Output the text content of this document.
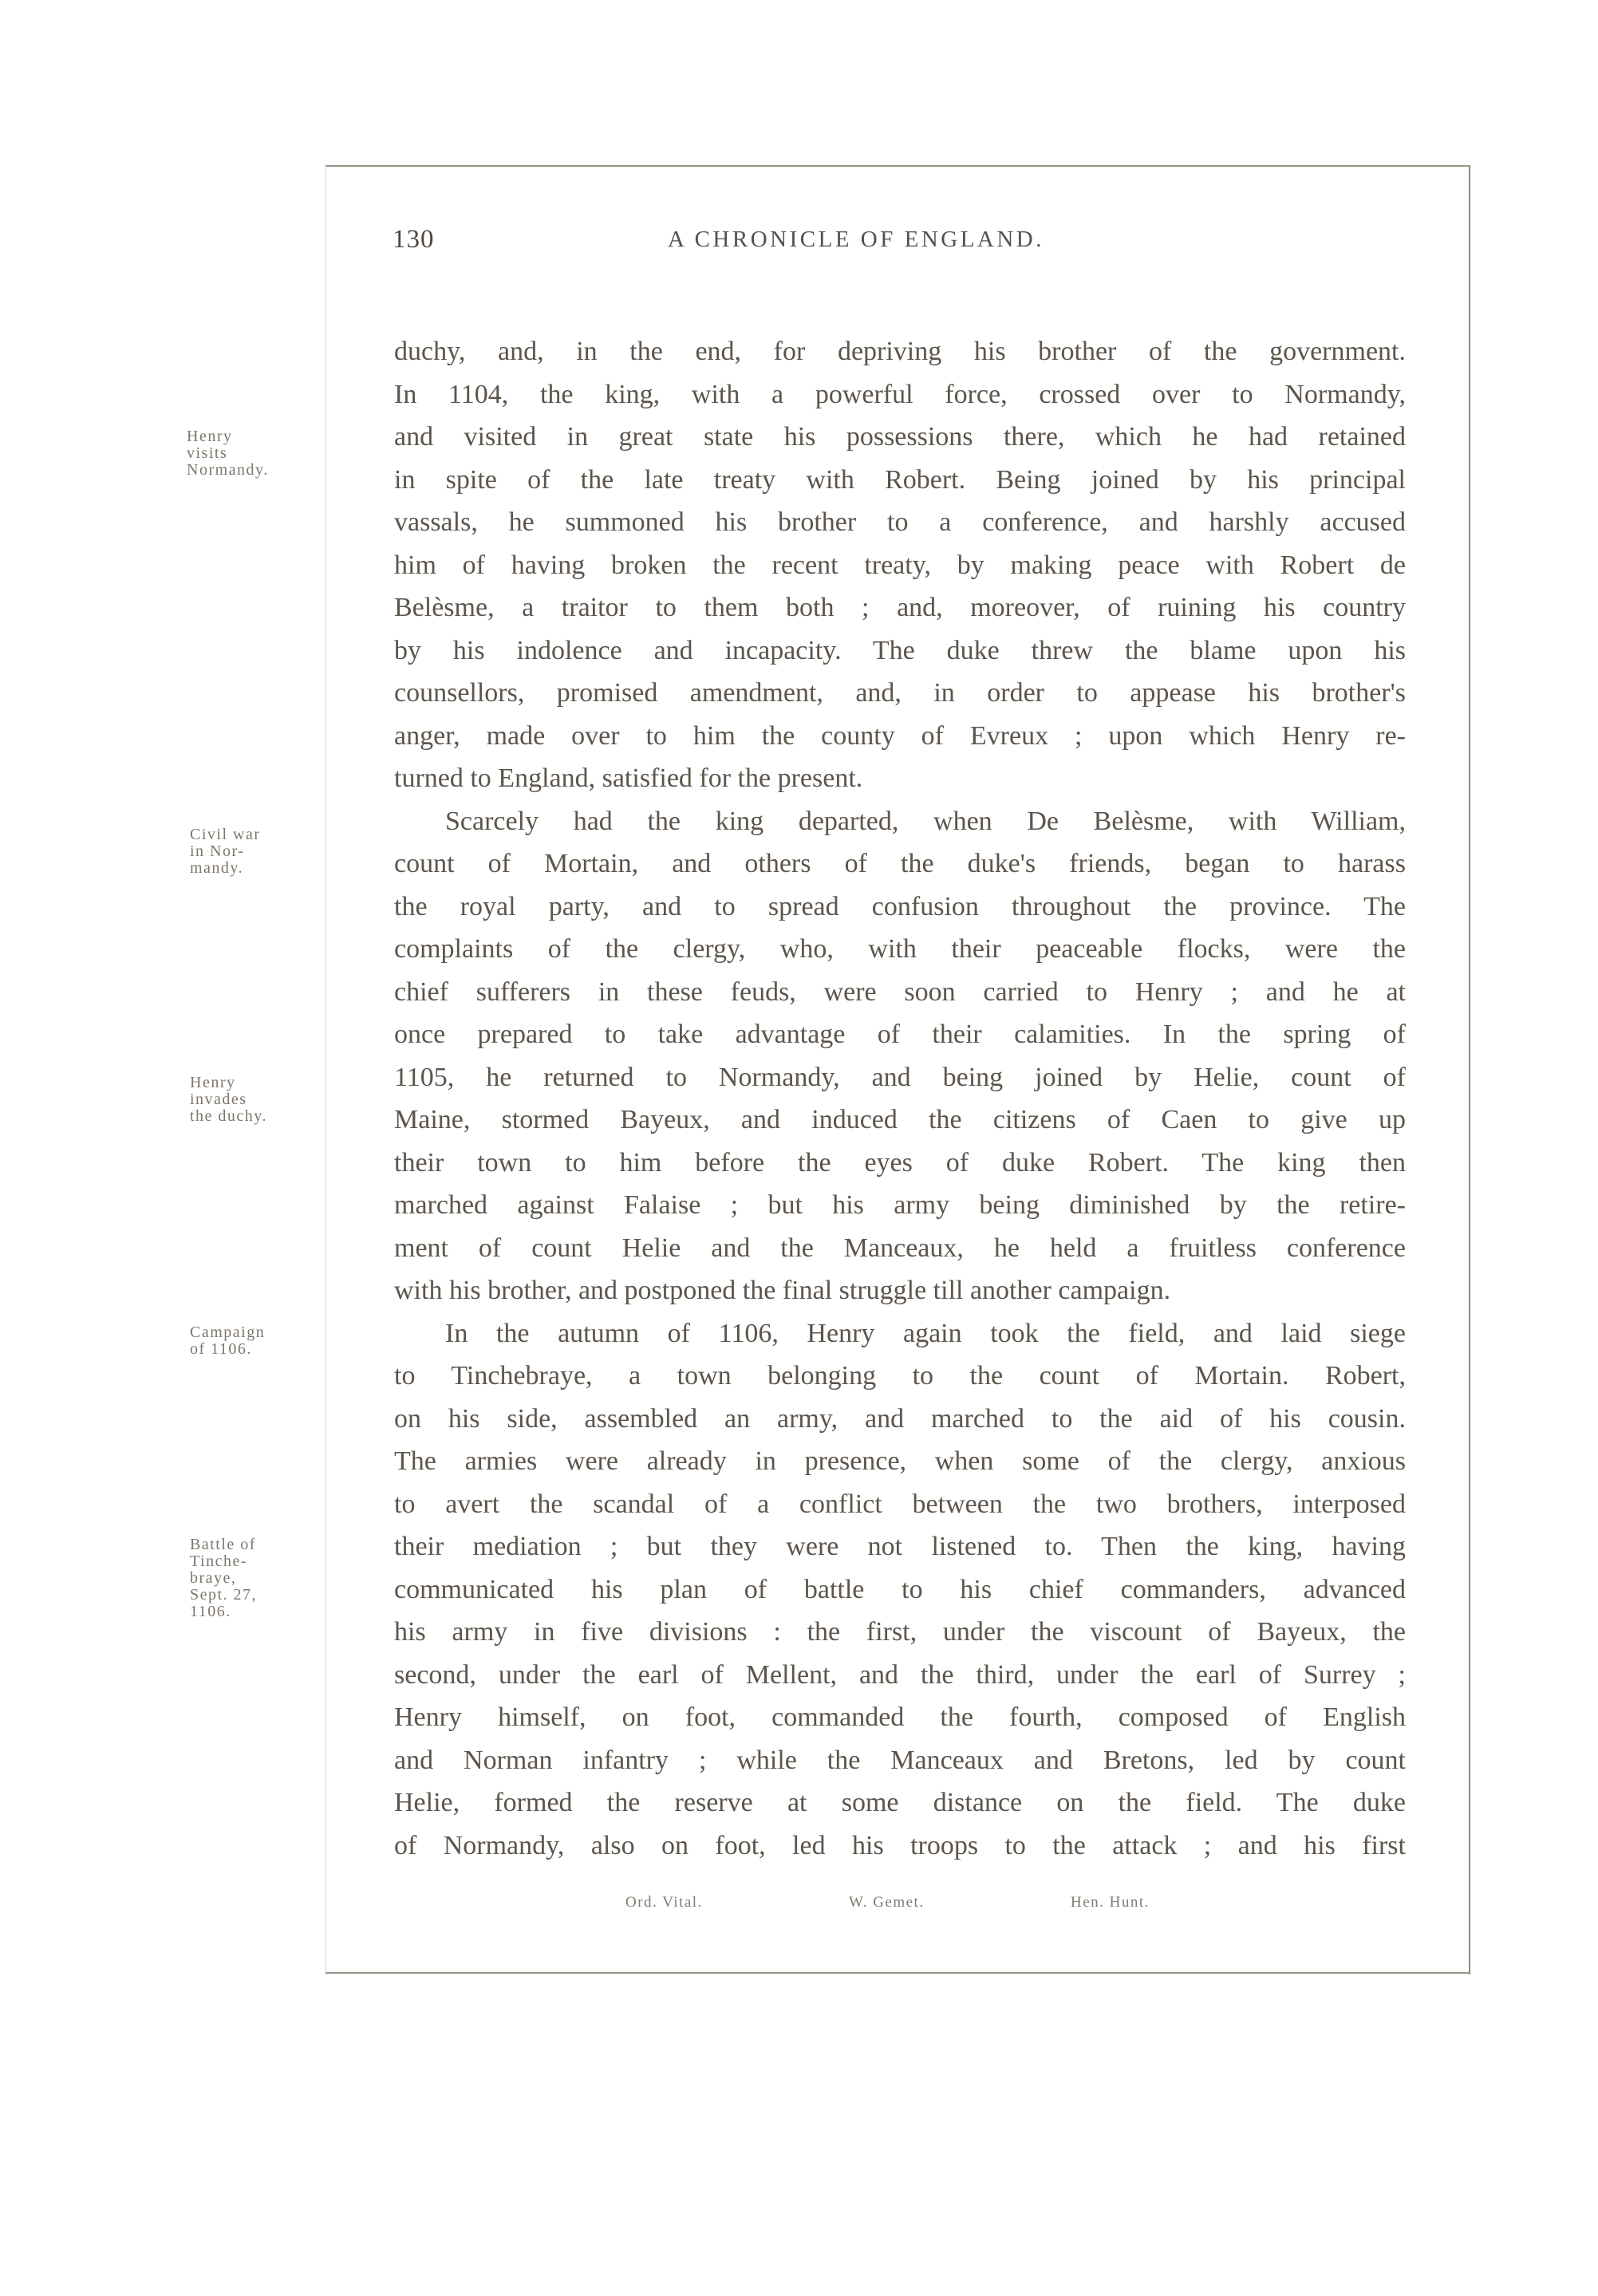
130	A CHRONICLE OF ENGLAND.
duchy, and, in the end, for depriving his brother of the government.
In 1104, the king, with a powerful force, crossed over to Normandy,
and visited in great state his possessions there, which he had retained
in spite of the late treaty with Robert. Being joined by his principal
vassals, he summoned his brother to a conference, and harshly accused
him of having broken the recent treaty, by making peace with Robert de
Belèsme, a traitor to them both ; and, moreover, of ruining his country
by his indolence and incapacity. The duke threw the blame upon his
counsellors, promised amendment, and, in order to appease his brother's
anger, made over to him the county of Evreux ; upon which Henry re-
turned to England, satisfied for the present.
Scarcely had the king departed, when De Belèsme, with William,
count of Mortain, and others of the duke's friends, began to harass
the royal party, and to spread confusion throughout the province. The
complaints of the clergy, who, with their peaceable flocks, were the
chief sufferers in these feuds, were soon carried to Henry ; and he at
once prepared to take advantage of their calamities. In the spring of
1105, he returned to Normandy, and being joined by Helie, count of
Maine, stormed Bayeux, and induced the citizens of Caen to give up
their town to him before the eyes of duke Robert. The king then
marched against Falaise ; but his army being diminished by the retire-
ment of count Helie and the Manceaux, he held a fruitless conference
with his brother, and postponed the final struggle till another campaign.
In the autumn of 1106, Henry again took the field, and laid siege
to Tinchebraye, a town belonging to the count of Mortain. Robert,
on his side, assembled an army, and marched to the aid of his cousin.
The armies were already in presence, when some of the clergy, anxious
to avert the scandal of a conflict between the two brothers, interposed
their mediation ; but they were not listened to. Then the king, having
communicated his plan of battle to his chief commanders, advanced
his army in five divisions : the first, under the viscount of Bayeux, the
second, under the earl of Mellent, and the third, under the earl of Surrey ;
Henry himself, on foot, commanded the fourth, composed of English
and Norman infantry ; while the Manceaux and Bretons, led by count
Helie, formed the reserve at some distance on the field. The duke
of Normandy, also on foot, led his troops to the attack ; and his first
Henry
visits
Normandy.
Civil war
in Nor-
mandy.
Henry
invades
the duchy.
Campaign
of 1106.
Battle of
Tinche-
braye,
Sept. 27,
1106.
Ord. Vital.	W. Gemet.	Hen. Hunt.
